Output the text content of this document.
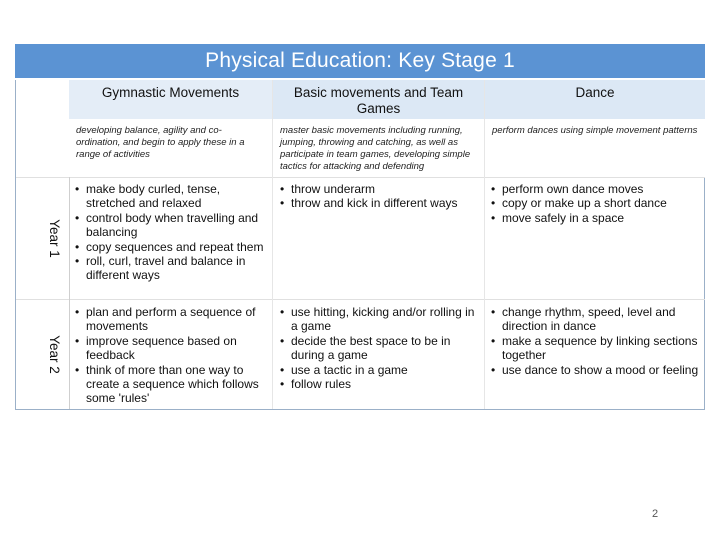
Physical Education: Key Stage 1
Gymnastic Movements	Basic movements and Team Games
Dance
developing balance, agility and co-ordination, and begin to apply these in a range of activities
master basic movements including running, jumping, throwing and catching, as well as participate in team games, developing simple tactics for attacking and defending
perform dances using simple movement patterns
Year 1
Year 2
• make body curled, tense, stretched and relaxed
• control body when travelling and balancing
• copy sequences and repeat them
• roll, curl, travel and balance in different ways
• throw underarm
• throw and kick in different ways
• perform own dance moves
• copy or make up a short dance
• move safely in a space
• plan and perform a sequence of movements
• improve sequence based on feedback
• think of more than one way to create a sequence which follows some 'rules'
• use hitting, kicking and/or rolling in a game
• decide the best space to be in during a game
• use a tactic in a game
• follow rules
• change rhythm, speed, level and direction in dance
• make a sequence by linking sections together
• use dance to show a mood or feeling
2
